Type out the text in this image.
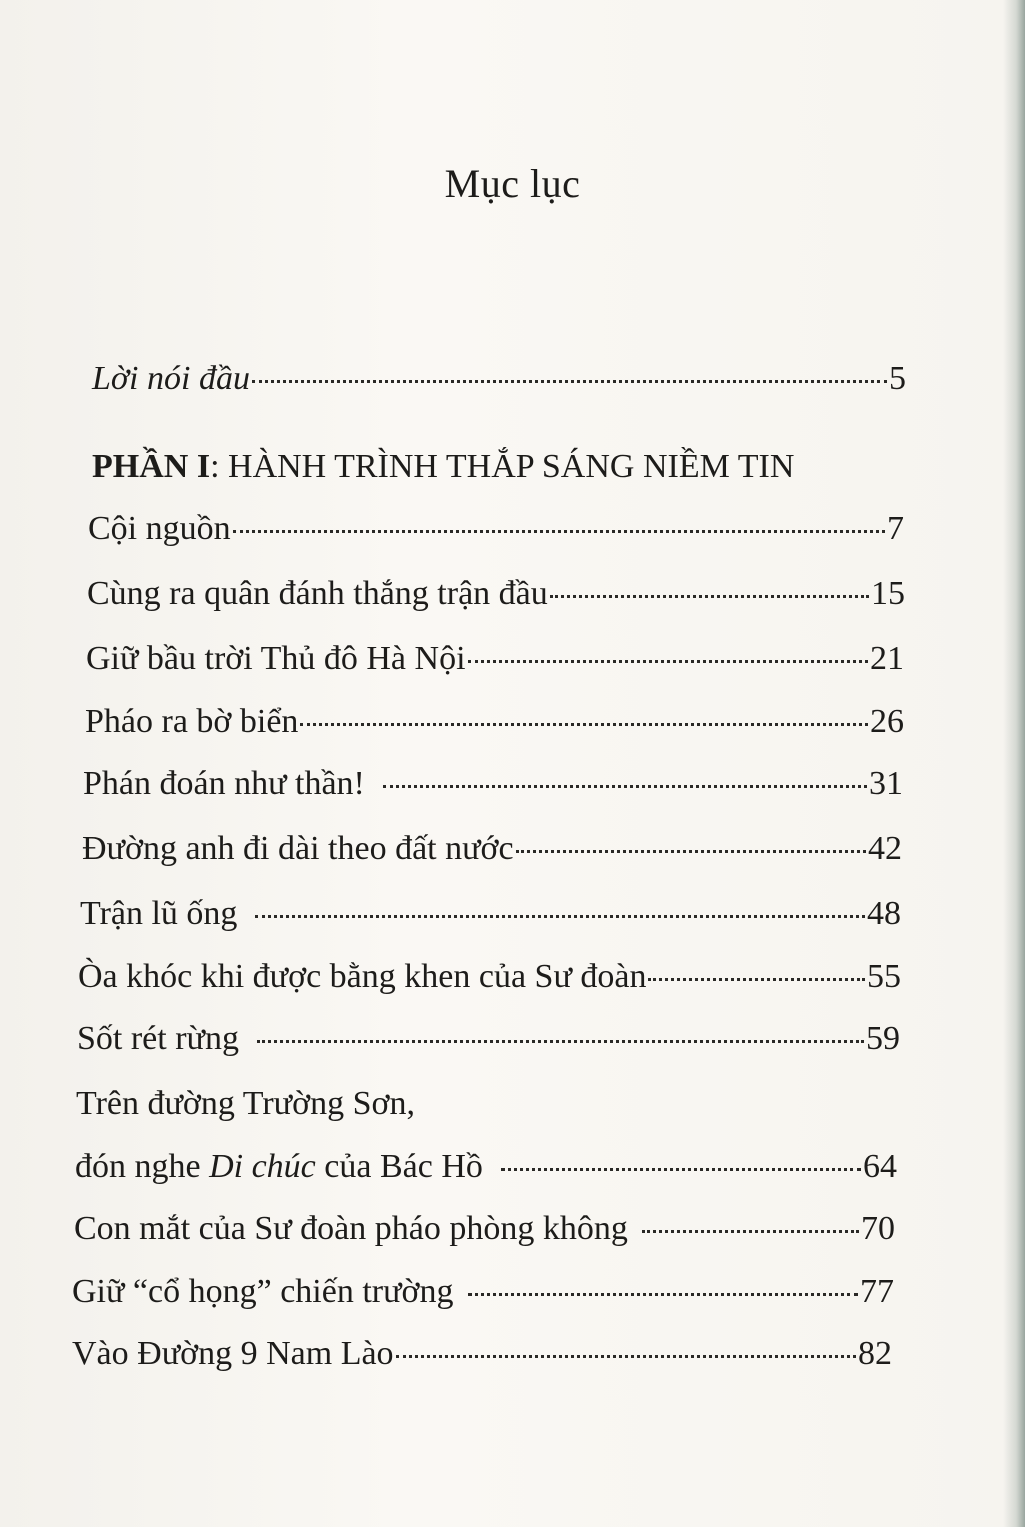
Mục lục
Lời nói đầu	5
PHẦN I: HÀNH TRÌNH THẮP SÁNG NIỀM TIN
Cội nguồn	7
Cùng ra quân đánh thắng trận đầu	15
Giữ bầu trời Thủ đô Hà Nội	21
Pháo ra bờ biển	26
Phán đoán như thần!	31
Đường anh đi dài theo đất nước	42
Trận lũ ống	48
Òa khóc khi được bằng khen của Sư đoàn	55
Sốt rét rừng	59
Trên đường Trường Sơn,
đón nghe Di chúc của Bác Hồ	64
Con mắt của Sư đoàn pháo phòng không	70
Giữ “cổ họng” chiến trường	77
Vào Đường 9 Nam Lào	82
